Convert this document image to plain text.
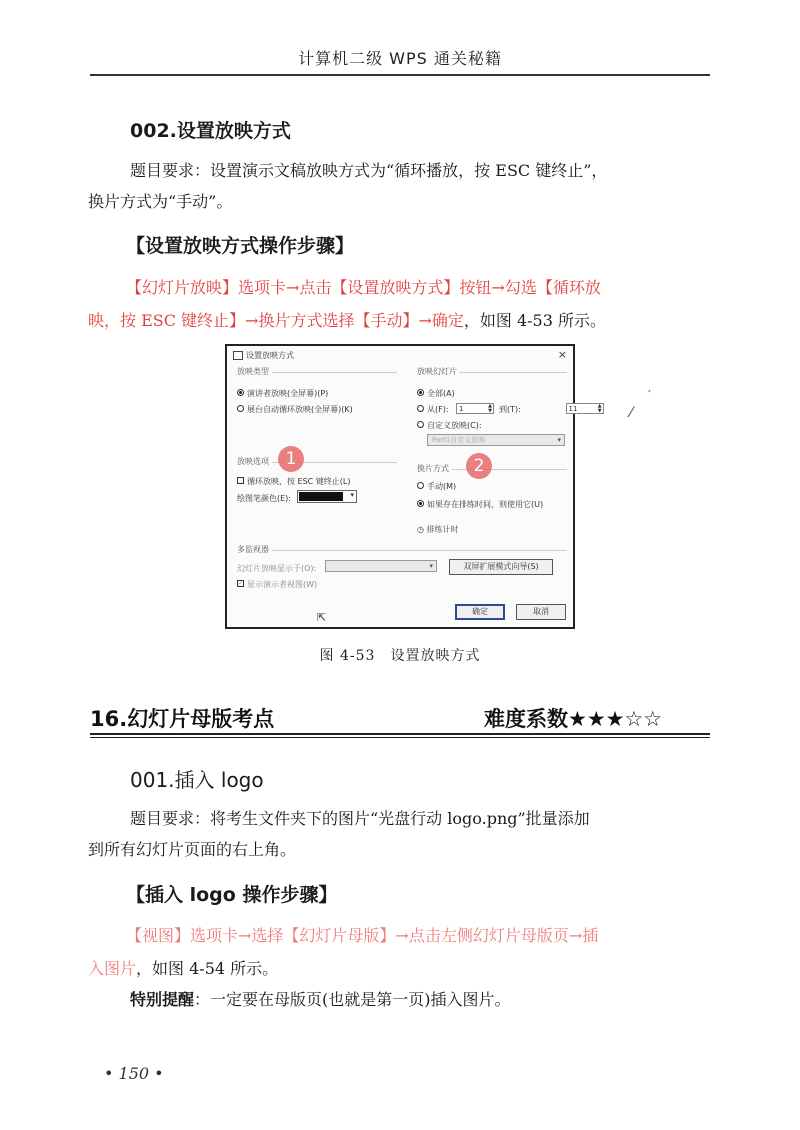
计算机二级 WPS 通关秘籍
002.设置放映方式
题目要求：设置演示文稿放映方式为“循环播放，按 ESC 键终止”，
换片方式为“手动”。
【设置放映方式操作步骤】
【幻灯片放映】选项卡→点击【设置放映方式】按钮→勾选【循环放
映，按 ESC 键终止】→换片方式选择【手动】→确定，如图 4-53 所示。
设置放映方式	×
放映类型
演讲者放映(全屏幕)(P)
展台自动循环放映(全屏幕)(K)
放映幻灯片
全部(A)
从(F): 1	▲
▼
到(T):	11	▲
▼
自定义放映(C):
Part1自定义放映	▾
放映选项 1
循环放映，按 ESC 键终止(L)
绘图笔颜色(E):	▾
换片方式	2
手动(M)
如果存在排练时间，则使用它(U)
◷ 排练计时
多监视器
幻灯片放映显示于(O):	▾	双屏扩展模式向导(S)
✓ 显示演示者视图(W)
⇱	确定	取消
′
⁄
图 4-53　设置放映方式
16.幻灯片母版考点	难度系数★★★☆☆
001.插入 logo
题目要求：将考生文件夹下的图片“光盘行动 logo.png”批量添加
到所有幻灯片页面的右上角。
【插入 logo 操作步骤】
【视图】选项卡→选择【幻灯片母版】→点击左侧幻灯片母版页→插
入图片，如图 4-54 所示。
特别提醒：一定要在母版页(也就是第一页)插入图片。
• 150 •
